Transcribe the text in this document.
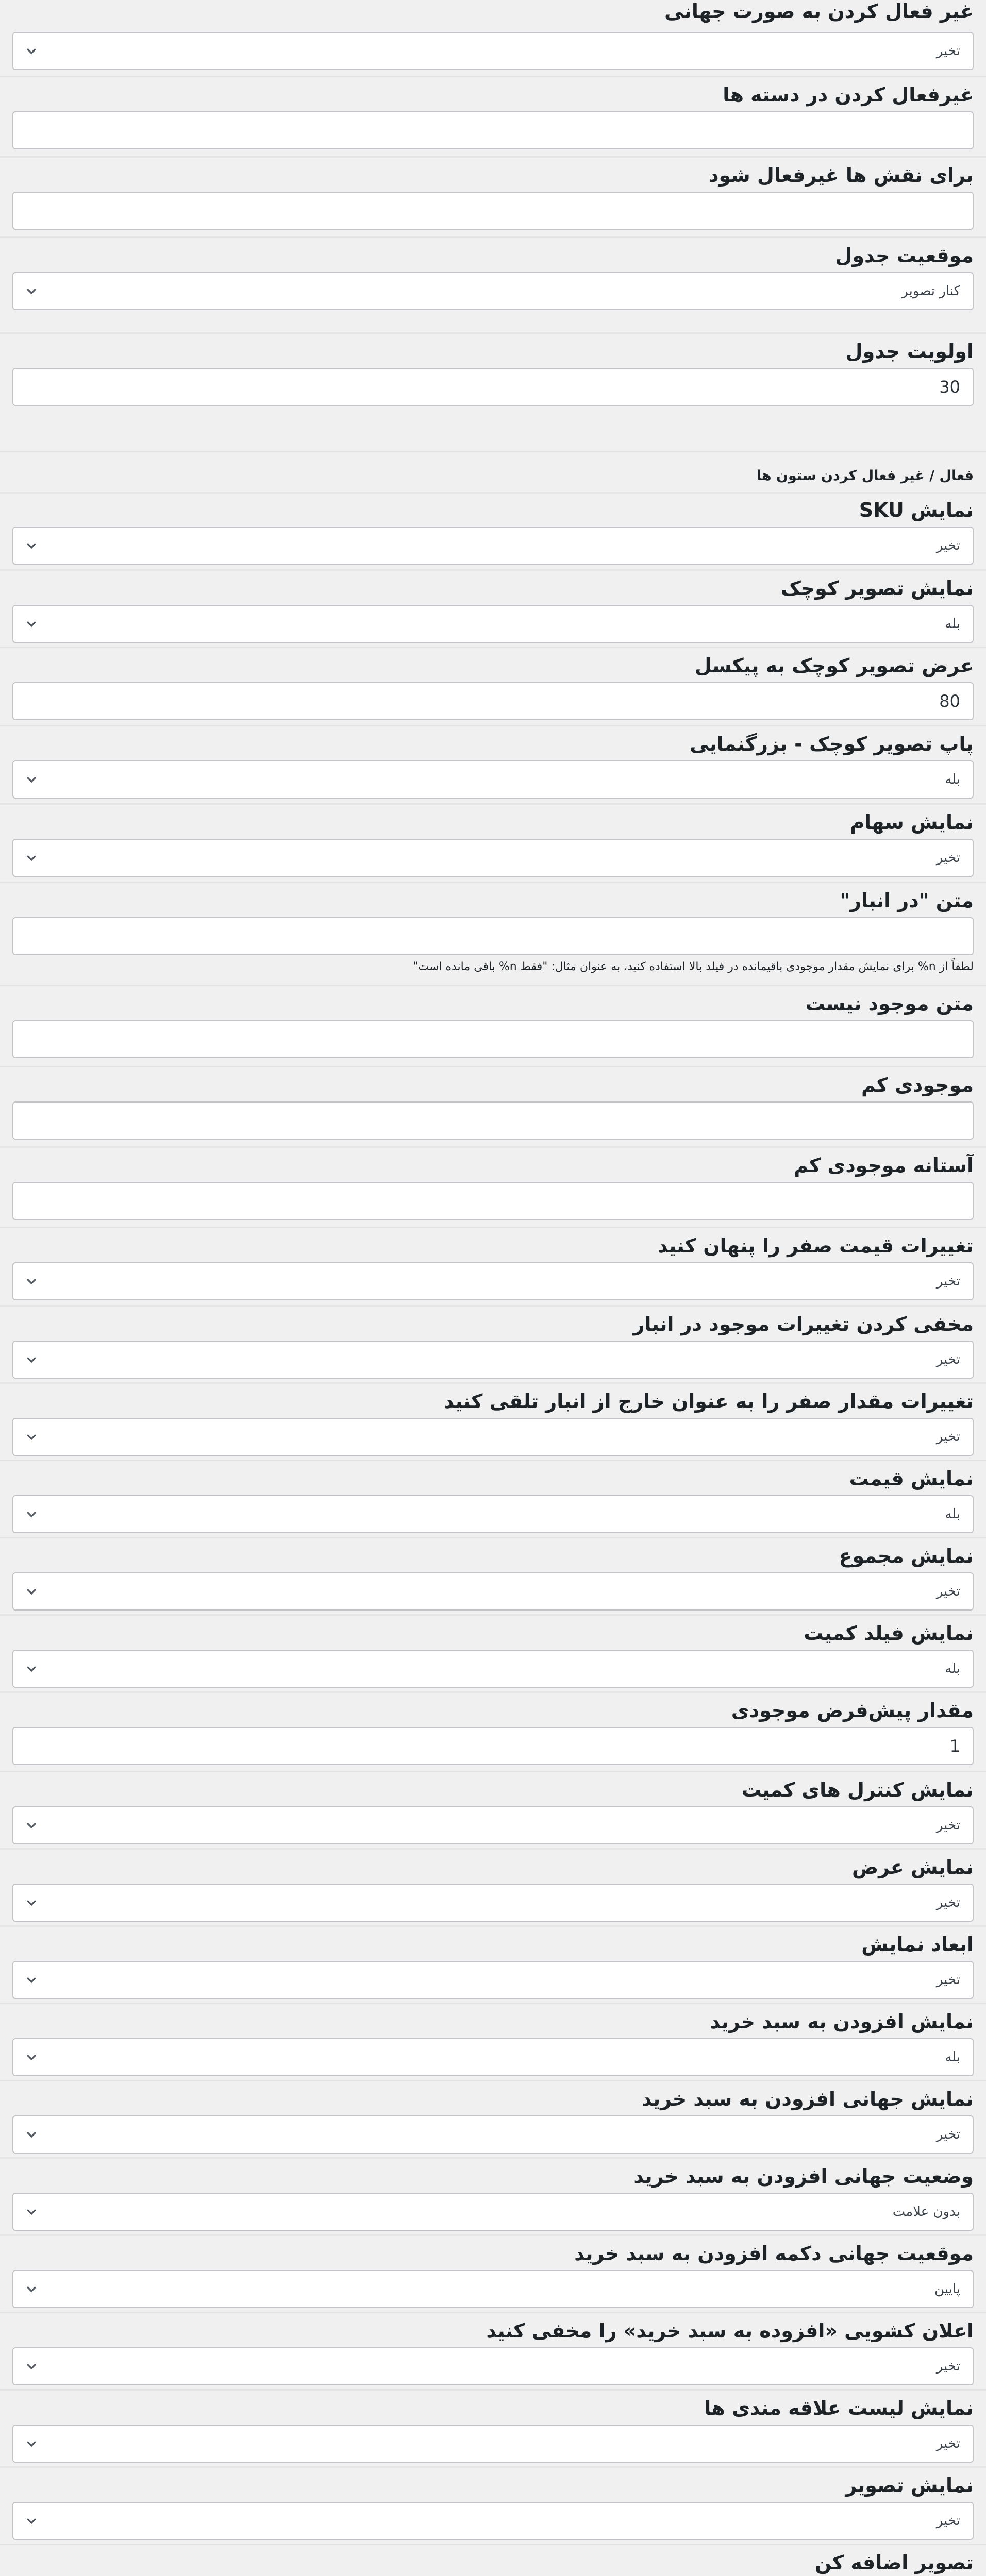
غیر فعال کردن به صورت جهانی
تخیر
غیرفعال کردن در دسته ها
برای نقش ها غیرفعال شود
موقعیت جدول
کنار تصویر
اولویت جدول
30
فعال / غیر فعال کردن ستون ها
نمایش SKU
تخیر
نمایش تصویر کوچک
بله
عرض تصویر کوچک به پیکسل
80
پاپ تصویر کوچک - بزرگنمایی
بله
نمایش سهام
تخیر
متن "در انبار"
لطفاً از n% برای نمایش مقدار موجودی باقیمانده در فیلد بالا استفاده کنید، به عنوان مثال: "فقط n% باقی مانده است"
متن موجود نیست
موجودی کم
آستانه موجودی کم
تغییرات قیمت صفر را پنهان کنید
تخیر
مخفی کردن تغییرات موجود در انبار
تخیر
تغییرات مقدار صفر را به عنوان خارج از انبار تلقی کنید
تخیر
نمایش قیمت
بله
نمایش مجموع
تخیر
نمایش فیلد کمیت
بله
مقدار پیش‌فرض موجودی
1
نمایش کنترل های کمیت
تخیر
نمایش عرض
تخیر
ابعاد نمایش
تخیر
نمایش افزودن به سبد خرید
بله
نمایش جهانی افزودن به سبد خرید
تخیر
وضعیت جهانی افزودن به سبد خرید
بدون علامت
موقعیت جهانی دکمه افزودن به سبد خرید
پایین
اعلان کشویی «افزوده به سبد خرید» را مخفی کنید
تخیر
نمایش لیست علاقه مندی ها
تخیر
نمایش تصویر
تخیر
تصویر اضافه کن
